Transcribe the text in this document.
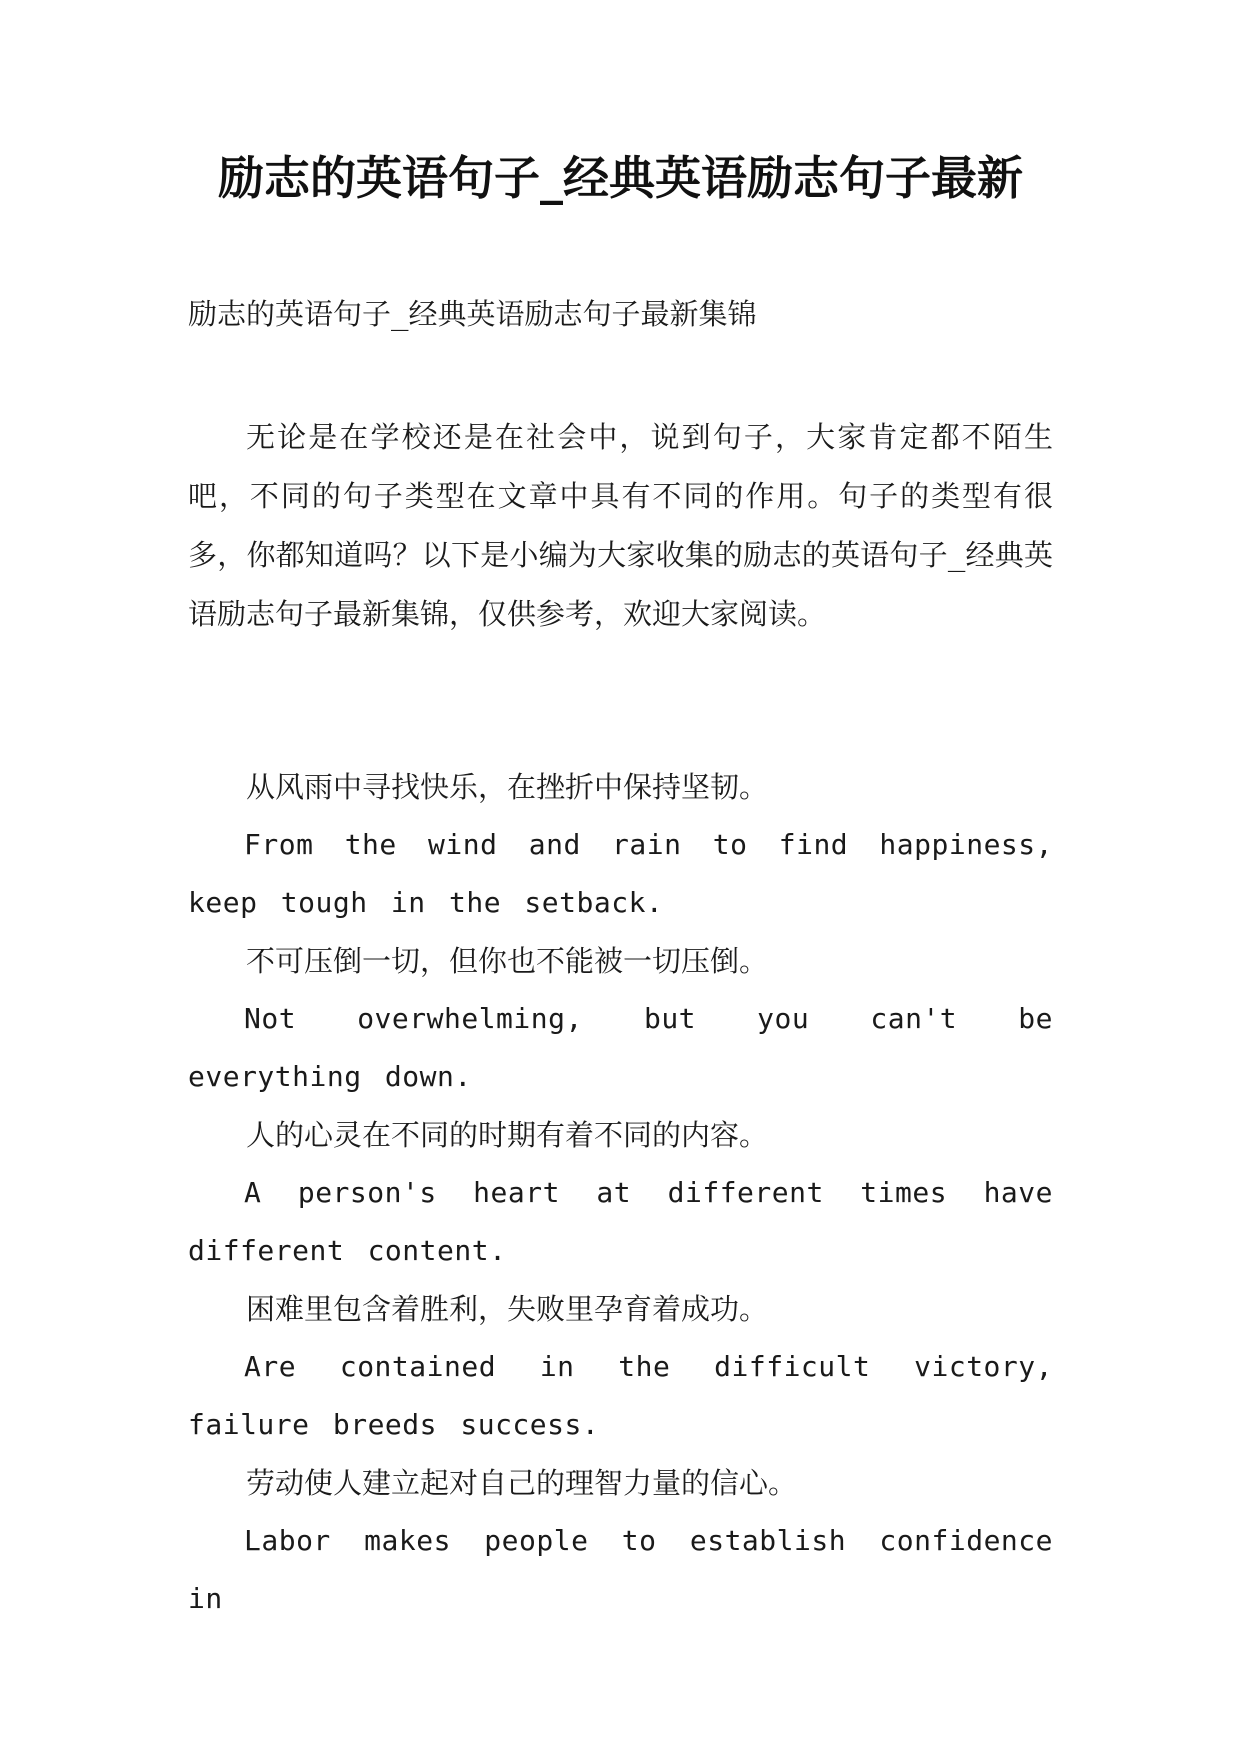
励志的英语句子_经典英语励志句子最新
励志的英语句子_经典英语励志句子最新集锦

无论是在学校还是在社会中，说到句子，大家肯定都不陌生吧，不同的句子类型在文章中具有不同的作用。句子的类型有很多，你都知道吗？以下是小编为大家收集的励志的英语句子_经典英语励志句子最新集锦，仅供参考，欢迎大家阅读。

从风雨中寻找快乐，在挫折中保持坚韧。

From the wind and rain to find happiness, keep tough in the setback.

不可压倒一切，但你也不能被一切压倒。

Not overwhelming, but you can't be everything down.

人的心灵在不同的时期有着不同的内容。

A person's heart at different times have different content.

困难里包含着胜利，失败里孕育着成功。

Are contained in the difficult victory, failure breeds success.

劳动使人建立起对自己的理智力量的信心。

Labor makes people to establish confidence in
